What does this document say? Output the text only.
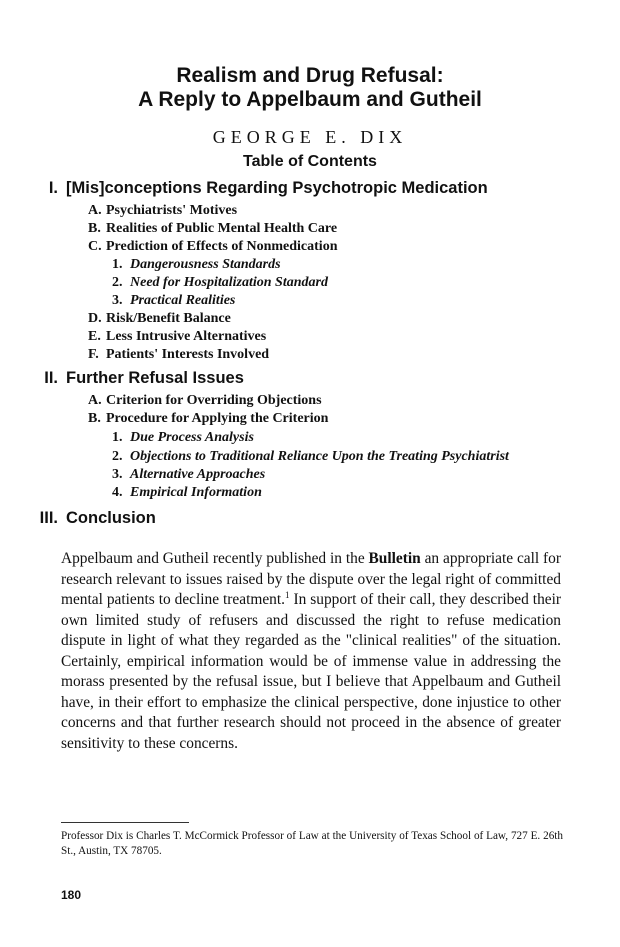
Realism and Drug Refusal:
A Reply to Appelbaum and Gutheil
GEORGE E. DIX
Table of Contents
I. [Mis]conceptions Regarding Psychotropic Medication
A. Psychiatrists' Motives
B. Realities of Public Mental Health Care
C. Prediction of Effects of Nonmedication
1. Dangerousness Standards
2. Need for Hospitalization Standard
3. Practical Realities
D. Risk/Benefit Balance
E. Less Intrusive Alternatives
F. Patients' Interests Involved
II. Further Refusal Issues
A. Criterion for Overriding Objections
B. Procedure for Applying the Criterion
1. Due Process Analysis
2. Objections to Traditional Reliance Upon the Treating Psychiatrist
3. Alternative Approaches
4. Empirical Information
III. Conclusion
Appelbaum and Gutheil recently published in the Bulletin an appropriate call for research relevant to issues raised by the dispute over the legal right of committed mental patients to decline treatment.$^1$ In support of their call, they described their own limited study of refusers and discussed the right to refuse medication dispute in light of what they regarded as the "clinical realities" of the situation. Certainly, empirical information would be of immense value in addressing the morass presented by the refusal issue, but I believe that Appelbaum and Gutheil have, in their effort to emphasize the clinical perspective, done injustice to other concerns and that further research should not proceed in the absence of greater sensitivity to these concerns.
Professor Dix is Charles T. McCormick Professor of Law at the University of Texas School of Law, 727 E. 26th St., Austin, TX 78705.
180
